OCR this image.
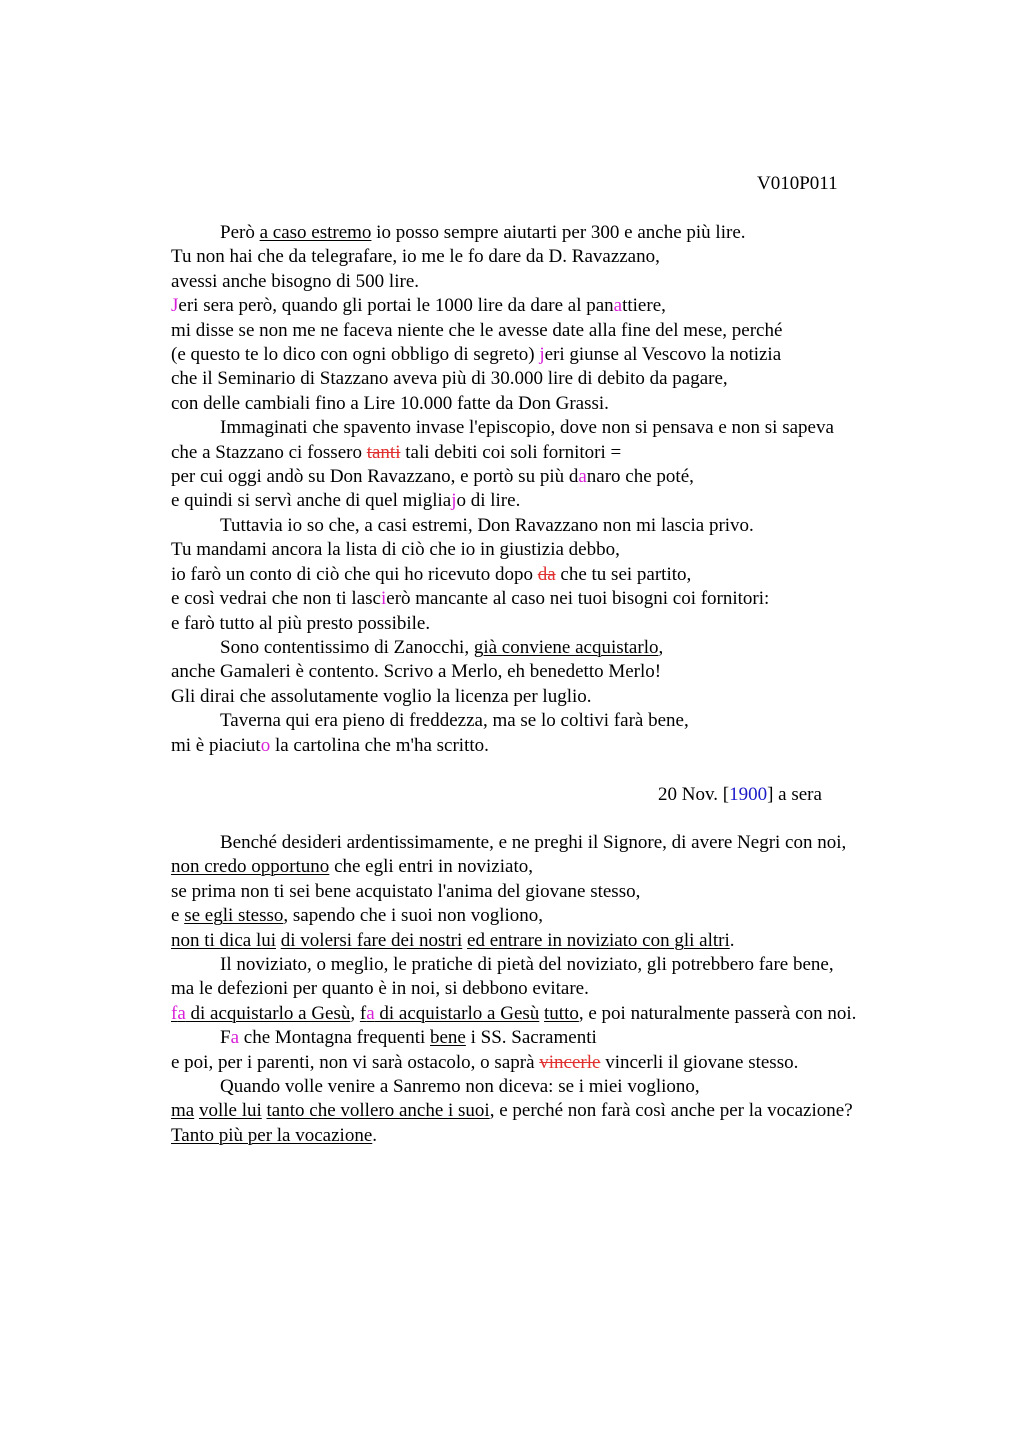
V010P011
Però a caso estremo io posso sempre aiutarti per 300 e anche più lire.
Tu non hai che da telegrafare, io me le fo dare da D. Ravazzano,
avessi anche bisogno di 500 lire.
Jeri sera però, quando gli portai le 1000 lire da dare al panattiere,
mi disse se non me ne faceva niente che le avesse date alla fine del mese, perché
(e questo te lo dico con ogni obbligo di segreto) jeri giunse al Vescovo la notizia
che il Seminario di Stazzano aveva più di 30.000 lire di debito da pagare,
con delle cambiali fino a Lire 10.000 fatte da Don Grassi.
Immaginati che spavento invase l'episcopio, dove non si pensava e non si sapeva
che a Stazzano ci fossero tanti tali debiti coi soli fornitori =
per cui oggi andò su Don Ravazzano, e portò su più danaro che poté,
e quindi si servì anche di quel migliajo di lire.
Tuttavia io so che, a casi estremi, Don Ravazzano non mi lascia privo.
Tu mandami ancora la lista di ciò che io in giustizia debbo,
io farò un conto di ciò che qui ho ricevuto dopo da che tu sei partito,
e così vedrai che non ti lascierò mancante al caso nei tuoi bisogni coi fornitori:
e farò tutto al più presto possibile.
Sono contentissimo di Zanocchi, già conviene acquistarlo,
anche Gamaleri è contento. Scrivo a Merlo, eh benedetto Merlo!
Gli dirai che assolutamente voglio la licenza per luglio.
Taverna qui era pieno di freddezza, ma se lo coltivi farà bene,
mi è piaciuto la cartolina che m'ha scritto.
20 Nov. [1900] a sera
Benché desideri ardentissimamente, e ne preghi il Signore, di avere Negri con noi,
non credo opportuno che egli entri in noviziato,
se prima non ti sei bene acquistato l'anima del giovane stesso,
e se egli stesso, sapendo che i suoi non vogliono,
non ti dica lui di volersi fare dei nostri ed entrare in noviziato con gli altri.
Il noviziato, o meglio, le pratiche di pietà del noviziato, gli potrebbero fare bene,
ma le defezioni per quanto è in noi, si debbono evitare.
fa di acquistarlo a Gesù, fa di acquistarlo a Gesù tutto, e poi naturalmente passerà con noi.
Fa che Montagna frequenti bene i SS. Sacramenti
e poi, per i parenti, non vi sarà ostacolo, o saprà vincerle vincerli il giovane stesso.
Quando volle venire a Sanremo non diceva: se i miei vogliono,
ma volle lui tanto che vollero anche i suoi, e perché non farà così anche per la vocazione?
Tanto più per la vocazione.
